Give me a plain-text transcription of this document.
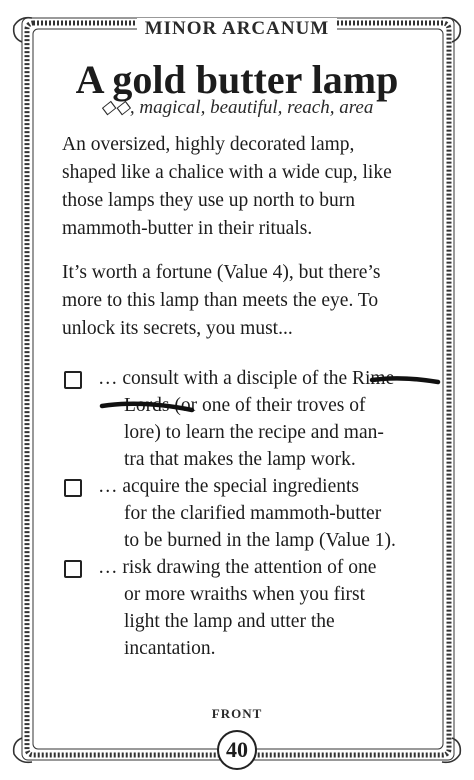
MINOR ARCANUM
A gold butter lamp
◇◇, magical, beautiful, reach, area
An oversized, highly decorated lamp,
shaped like a chalice with a wide cup, like
those lamps they use up north to burn
mammoth-butter in their rituals.
It’s worth a fortune (Value 4), but there’s
more to this lamp than meets the eye. To
unlock its secrets, you must...
… consult with a disciple of the Rime
Lords (or one of their troves of
lore) to learn the recipe and man-
tra that makes the lamp work.
… acquire the special ingredients
for the clarified mammoth-butter
to be burned in the lamp (Value 1).
… risk drawing the attention of one
or more wraiths when you first
light the lamp and utter the
incantation.
FRONT
40
